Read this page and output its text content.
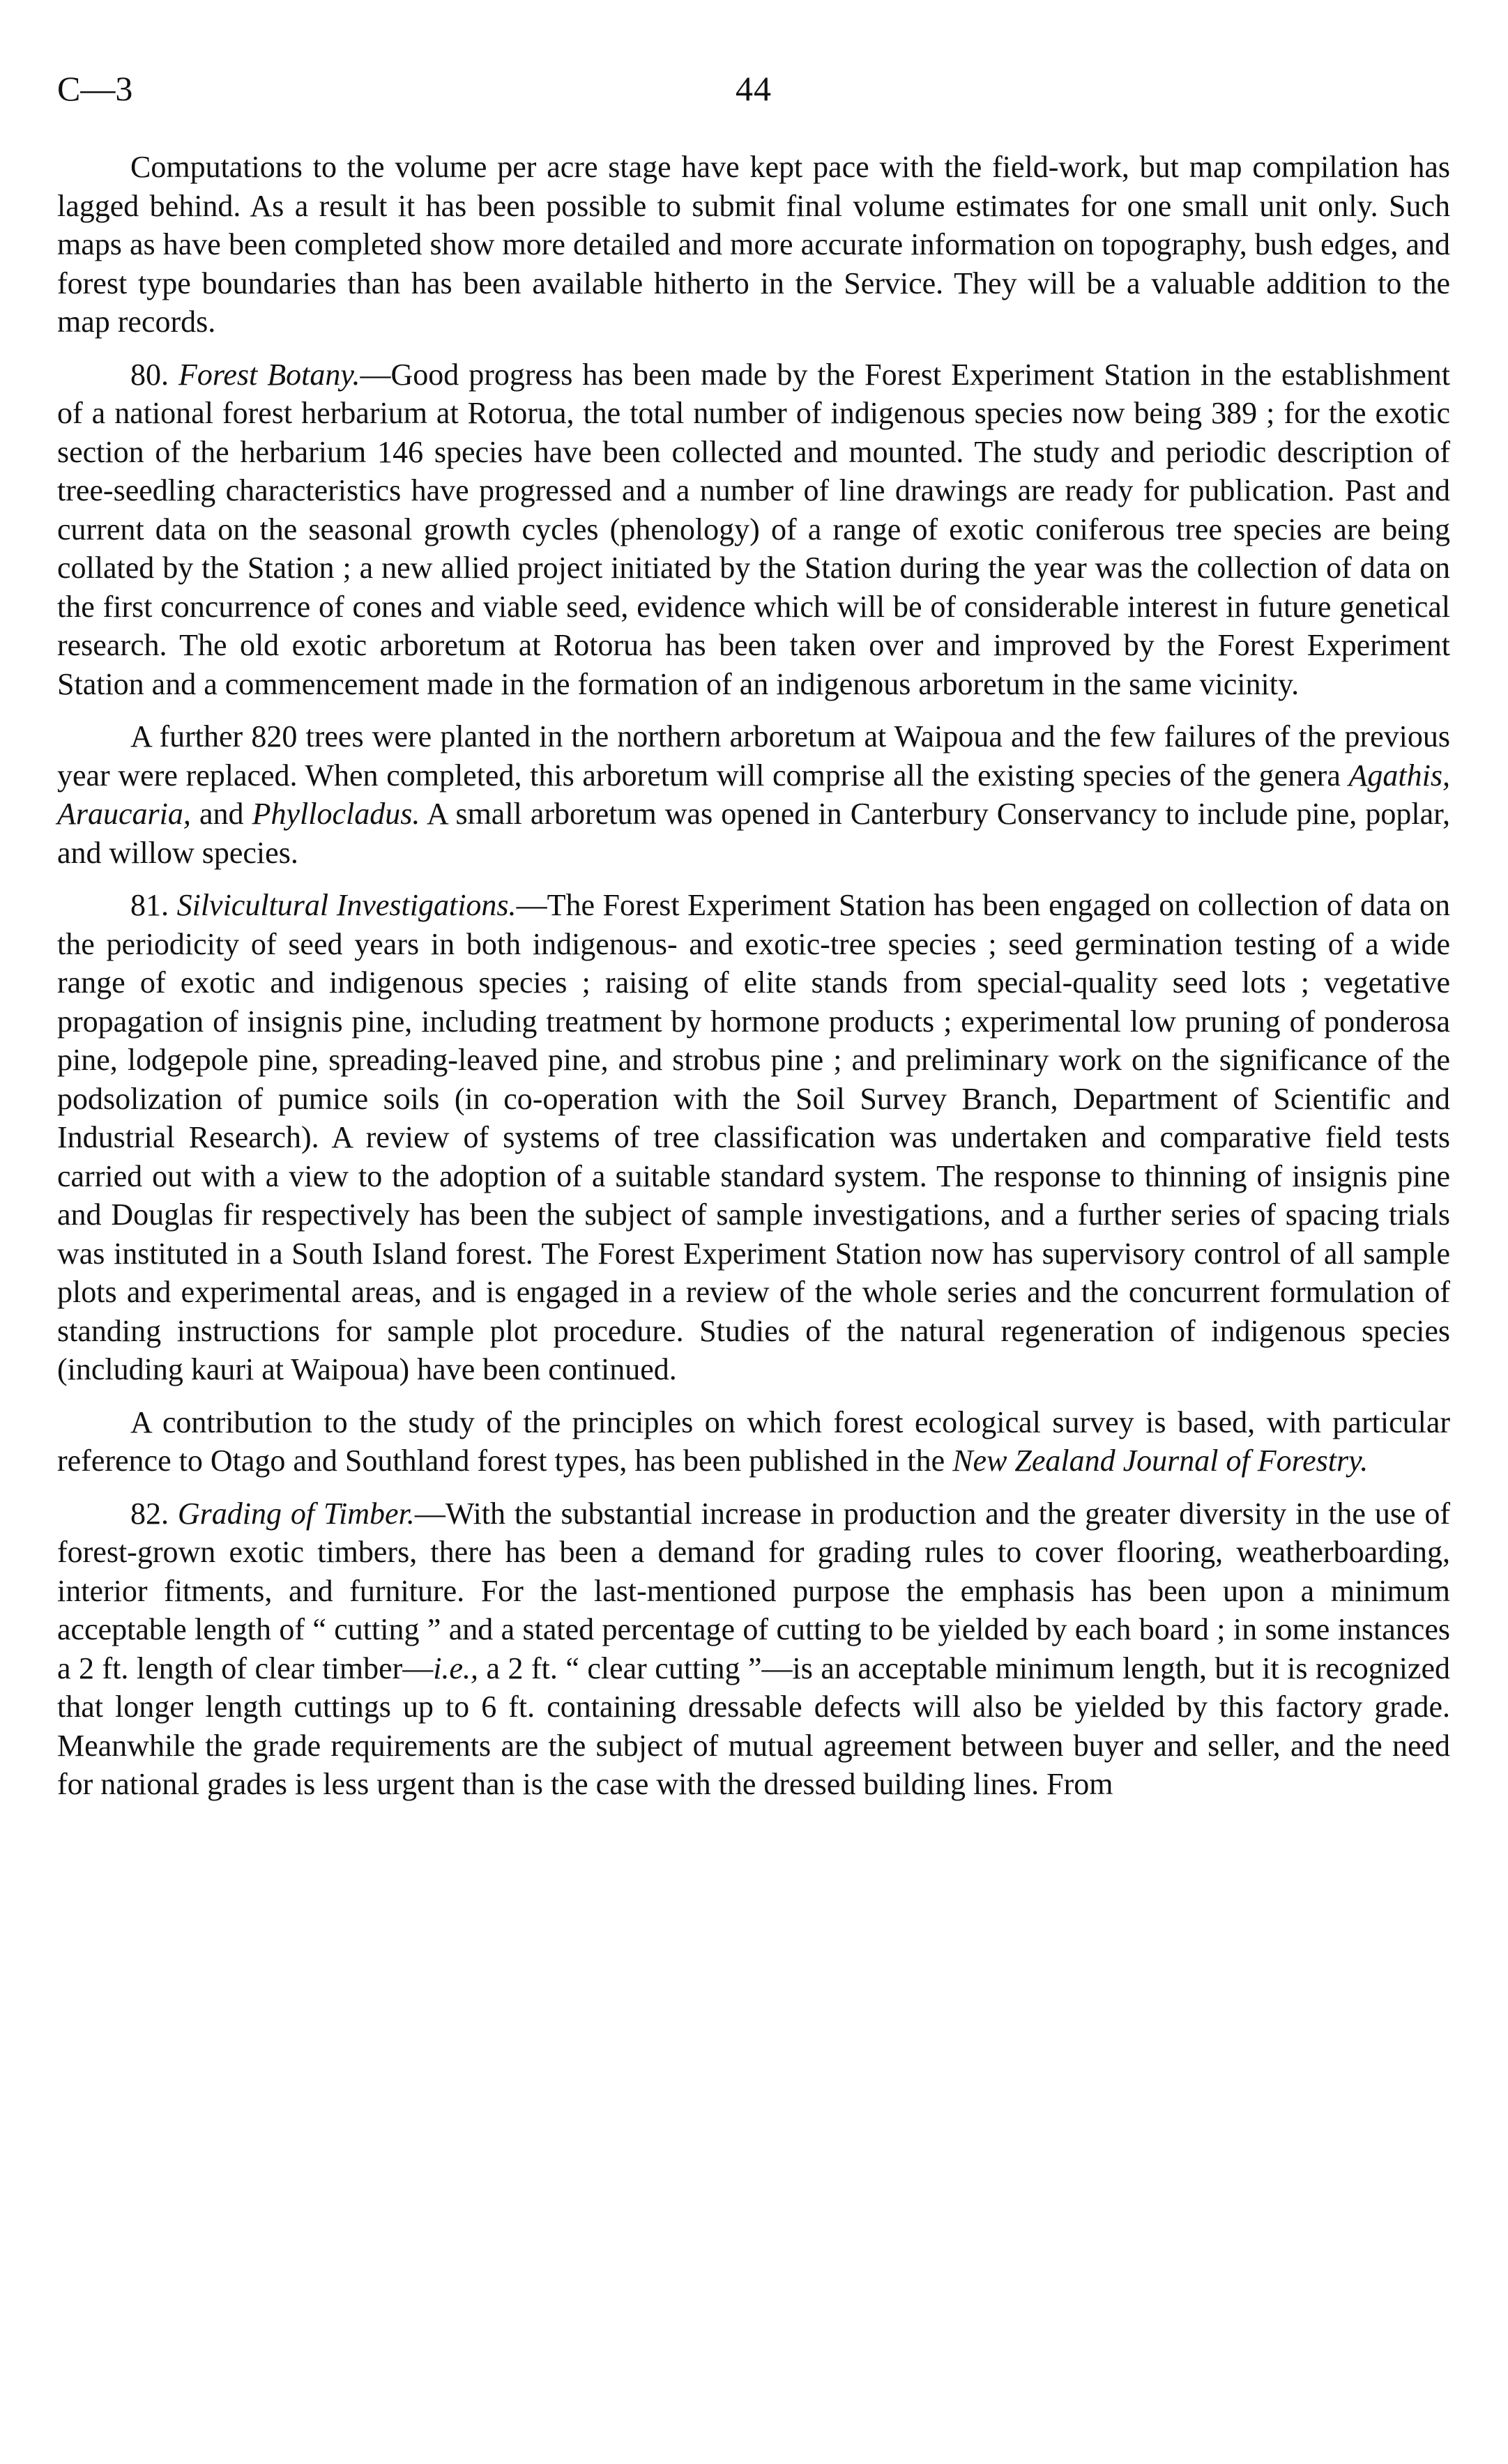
C—3	44

Computations to the volume per acre stage have kept pace with the field-work, but map compilation has lagged behind. As a result it has been possible to submit final volume estimates for one small unit only. Such maps as have been completed show more detailed and more accurate information on topography, bush edges, and forest type boundaries than has been available hitherto in the Service. They will be a valuable addition to the map records.

80. Forest Botany.—Good progress has been made by the Forest Experiment Station in the establishment of a national forest herbarium at Rotorua, the total number of indigenous species now being 389 ; for the exotic section of the herbarium 146 species have been collected and mounted. The study and periodic description of tree-seedling characteristics have progressed and a number of line drawings are ready for publication. Past and current data on the seasonal growth cycles (phenology) of a range of exotic coniferous tree species are being collated by the Station ; a new allied project initiated by the Station during the year was the collection of data on the first concurrence of cones and viable seed, evidence which will be of considerable interest in future genetical research. The old exotic arboretum at Rotorua has been taken over and improved by the Forest Experiment Station and a commencement made in the formation of an indigenous arboretum in the same vicinity.

A further 820 trees were planted in the northern arboretum at Waipoua and the few failures of the previous year were replaced. When completed, this arboretum will comprise all the existing species of the genera Agathis, Araucaria, and Phyllocladus. A small arboretum was opened in Canterbury Conservancy to include pine, poplar, and willow species.

81. Silvicultural Investigations.—The Forest Experiment Station has been engaged on collection of data on the periodicity of seed years in both indigenous- and exotic-tree species ; seed germination testing of a wide range of exotic and indigenous species ; raising of elite stands from special-quality seed lots ; vegetative propagation of insignis pine, including treatment by hormone products ; experimental low pruning of ponderosa pine, lodgepole pine, spreading-leaved pine, and strobus pine ; and preliminary work on the significance of the podsolization of pumice soils (in co-operation with the Soil Survey Branch, Department of Scientific and Industrial Research). A review of systems of tree classification was undertaken and comparative field tests carried out with a view to the adoption of a suitable standard system. The response to thinning of insignis pine and Douglas fir respectively has been the subject of sample investigations, and a further series of spacing trials was instituted in a South Island forest. The Forest Experiment Station now has supervisory control of all sample plots and experimental areas, and is engaged in a review of the whole series and the concurrent formulation of standing instructions for sample plot procedure. Studies of the natural regeneration of indigenous species (including kauri at Waipoua) have been continued.

A contribution to the study of the principles on which forest ecological survey is based, with particular reference to Otago and Southland forest types, has been published in the New Zealand Journal of Forestry.

82. Grading of Timber.—With the substantial increase in production and the greater diversity in the use of forest-grown exotic timbers, there has been a demand for grading rules to cover flooring, weatherboarding, interior fitments, and furniture. For the last-mentioned purpose the emphasis has been upon a minimum acceptable length of “ cutting ” and a stated percentage of cutting to be yielded by each board ; in some instances a 2 ft. length of clear timber—i.e., a 2 ft. “ clear cutting ”—is an acceptable minimum length, but it is recognized that longer length cuttings up to 6 ft. containing dressable defects will also be yielded by this factory grade. Meanwhile the grade requirements are the subject of mutual agreement between buyer and seller, and the need for national grades is less urgent than is the case with the dressed building lines. From
